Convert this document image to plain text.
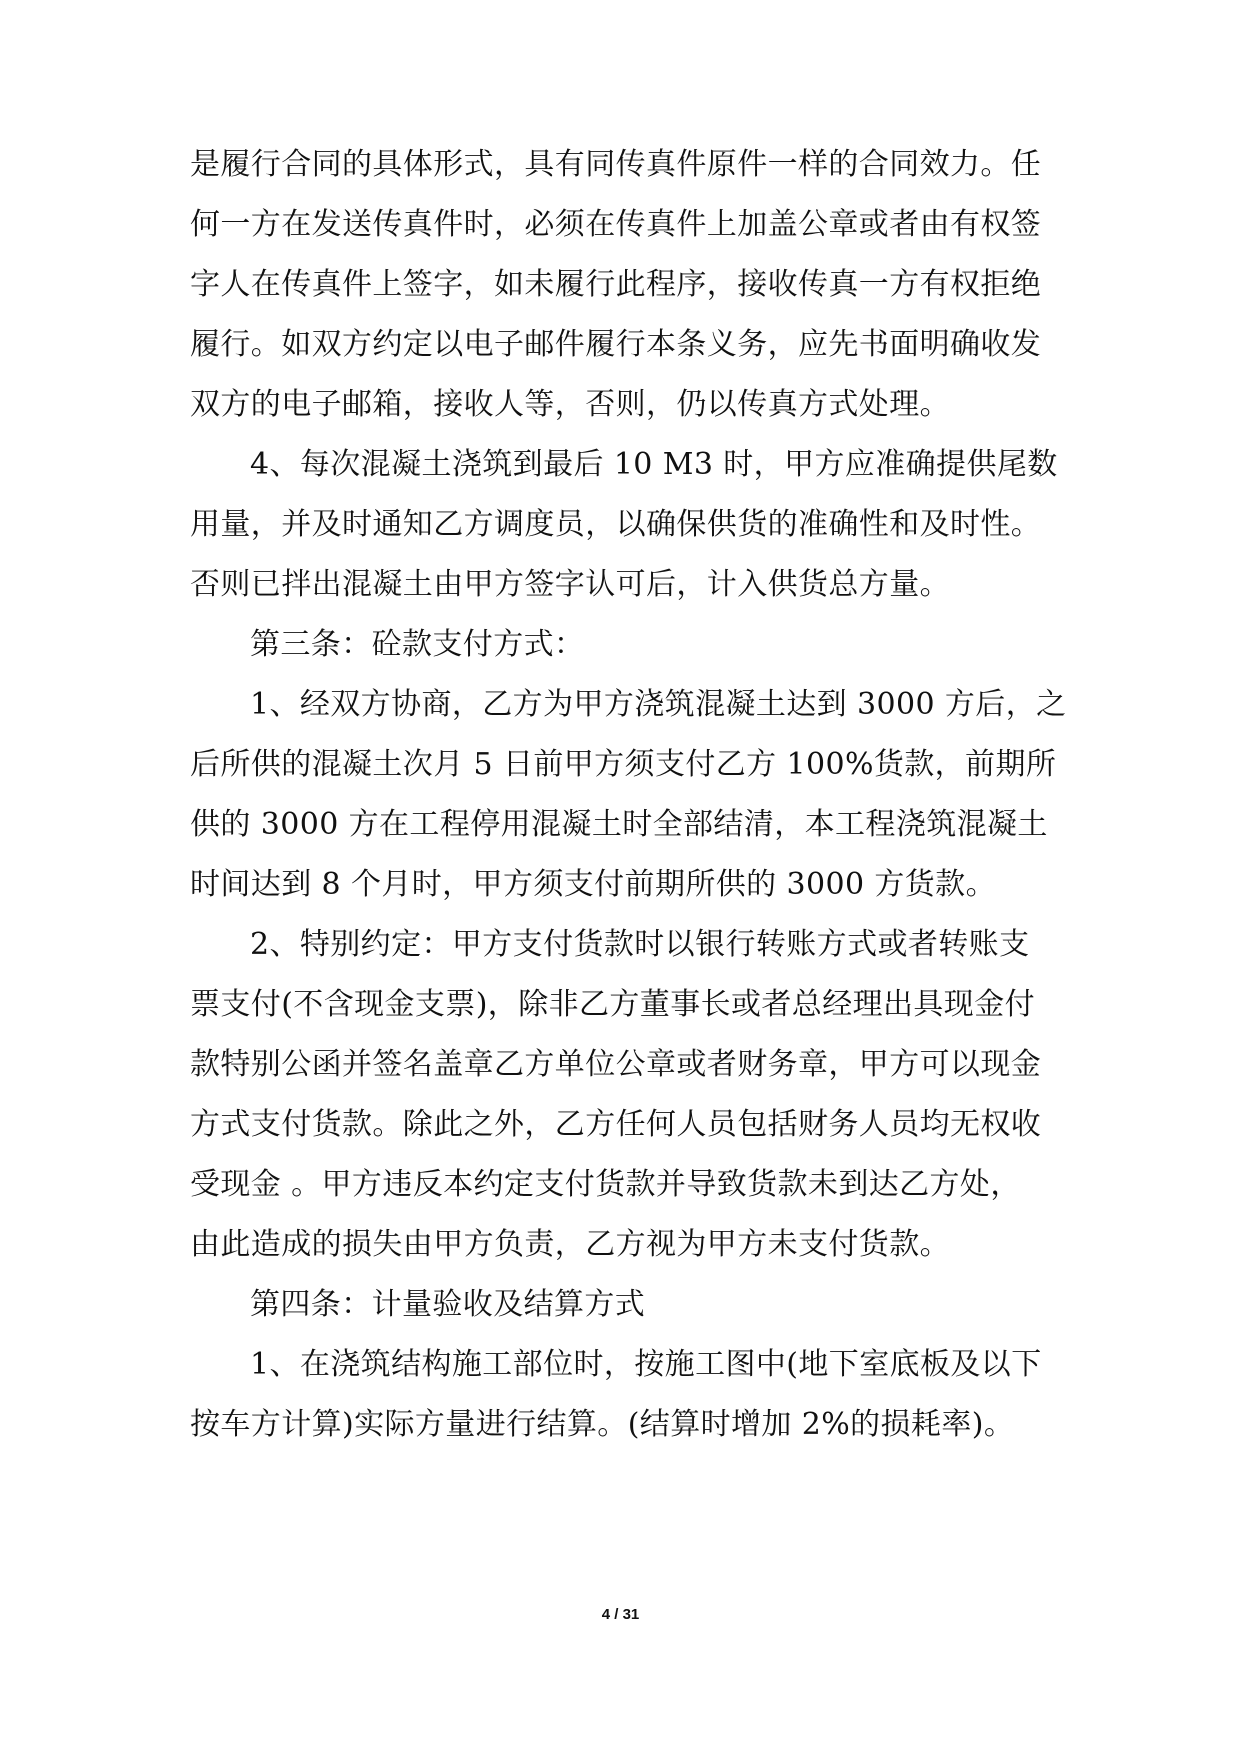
是履行合同的具体形式，具有同传真件原件一样的合同效力。任
何一方在发送传真件时，必须在传真件上加盖公章或者由有权签
字人在传真件上签字，如未履行此程序，接收传真一方有权拒绝
履行。如双方约定以电子邮件履行本条义务，应先书面明确收发
双方的电子邮箱，接收人等，否则，仍以传真方式处理。
4、每次混凝土浇筑到最后 10 M3 时，甲方应准确提供尾数
用量，并及时通知乙方调度员，以确保供货的准确性和及时性。
否则已拌出混凝土由甲方签字认可后，计入供货总方量。
第三条：砼款支付方式：
1、经双方协商，乙方为甲方浇筑混凝土达到 3000 方后，之
后所供的混凝土次月 5 日前甲方须支付乙方 100%货款，前期所
供的 3000 方在工程停用混凝土时全部结清，本工程浇筑混凝土
时间达到 8 个月时，甲方须支付前期所供的 3000 方货款。
2、特别约定：甲方支付货款时以银行转账方式或者转账支
票支付(不含现金支票)，除非乙方董事长或者总经理出具现金付
款特别公函并签名盖章乙方单位公章或者财务章，甲方可以现金
方式支付货款。除此之外，乙方任何人员包括财务人员均无权收
受现金 。甲方违反本约定支付货款并导致货款未到达乙方处，
由此造成的损失由甲方负责，乙方视为甲方未支付货款。
第四条：计量验收及结算方式
1、在浇筑结构施工部位时，按施工图中(地下室底板及以下
按车方计算)实际方量进行结算。(结算时增加 2%的损耗率)。
4 / 31
